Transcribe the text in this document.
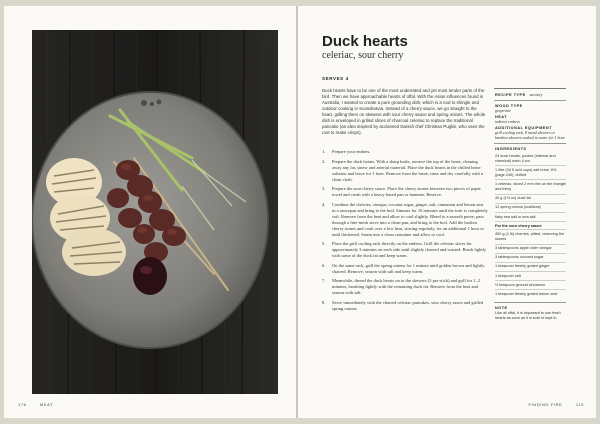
176	MEAT
Duck hearts
celeriac, sour cherry
SERVES 4
Duck hearts have to be one of the most underrated and yet most tender parts of the bird. Then we have approachable hearts of offal. With the Asian influences found in Australia, I wanted to create a pure grounding dish, which is a nod to shingle and outdoor cooking in Scandinavia. Instead of a cherry sauce, we go straight to the heart, grilling them on skewers with sour cherry sauce and spring onions. The whole dish is enveloped in grilled slices of charcoal celeriac to replace the traditional pancake (an idea inspired by acclaimed Danish chef Christian Puglisi, who uses the root to make crisps).
1. Prepare your embers.
2. Prepare the duck hearts. With a sharp knife, remove the top of the heart, cleaning away any fat, sinew and arterial material. Place the duck hearts in the chilled brine solution and leave for 1 hour. Remove from the brine, rinse and dry carefully with a clean cloth.
3. Prepare the sour cherry sauce. Place the cherry stones between two pieces of paper towel and crush with a heavy based pan or hammer. Reserve.
4. Combine the cherries, vinegar, coconut sugar, ginger, salt, cinnamon and lemon zest in a saucepan and bring to the boil. Simmer for 10 minutes until the fruit is completely soft. Remove from the heat and allow to cool slightly. Blend to a smooth puree, pass through a fine-mesh sieve into a clean pan, and bring to the boil. Add the broken cherry stones and cook over a low heat, stirring regularly, for an additional 1 hour or until thickened. Strain into a clean container and allow to cool.
5. Place the grill cooling rack directly on the embers. Grill the celeriac slices for approximately 3 minutes on each side until slightly charred and toasted. Brush lightly with some of the duck fat and keep warm.
6. On the same rack, grill the spring onions for 1 minute until golden brown and lightly charred. Remove, season with salt and keep warm.
7. Meanwhile, thread the duck hearts on to the skewers (5 per stick) and grill for 1–2 minutes, brushing lightly with the remaining duck fat. Remove from the heat and season with salt.
8. Serve immediately with the charred celeriac pancakes, sour cherry sauce and grilled spring onions.
RECIPE TYPE savoury
WOOD TYPE
grapevine
HEAT
indirect embers
ADDITIONAL EQUIPMENT
grill cooling rack, 8 metal skewers or bamboo skewers soaked in water for 1 hour
INGREDIENTS
24 duck hearts, pooled (internal and chemical) each 4 cm
1 litre (34 fl oz/4 cups) salt brine, 6% (page 240), chilled
1 celeriac, sliced 2 mm thin on the triangle and thinly
40 g (1½ oz) duck fat
12 spring onions (scallions)
flaky sea salt or sea salt
For the sour cherry sauce
450 g (1 lb) cherries, pitted, reserving the stones
3 tablespoons apple cider vinegar
3 tablespoons coconut sugar
1 teaspoon freshly grated ginger
1 teaspoon salt
½ teaspoon ground cinnamon
1 teaspoon freshly grated lemon zest
NOTE
Like all offal, it is important to use fresh hearts as soon as it is sold or kept in.
FINDING FIRE	119
